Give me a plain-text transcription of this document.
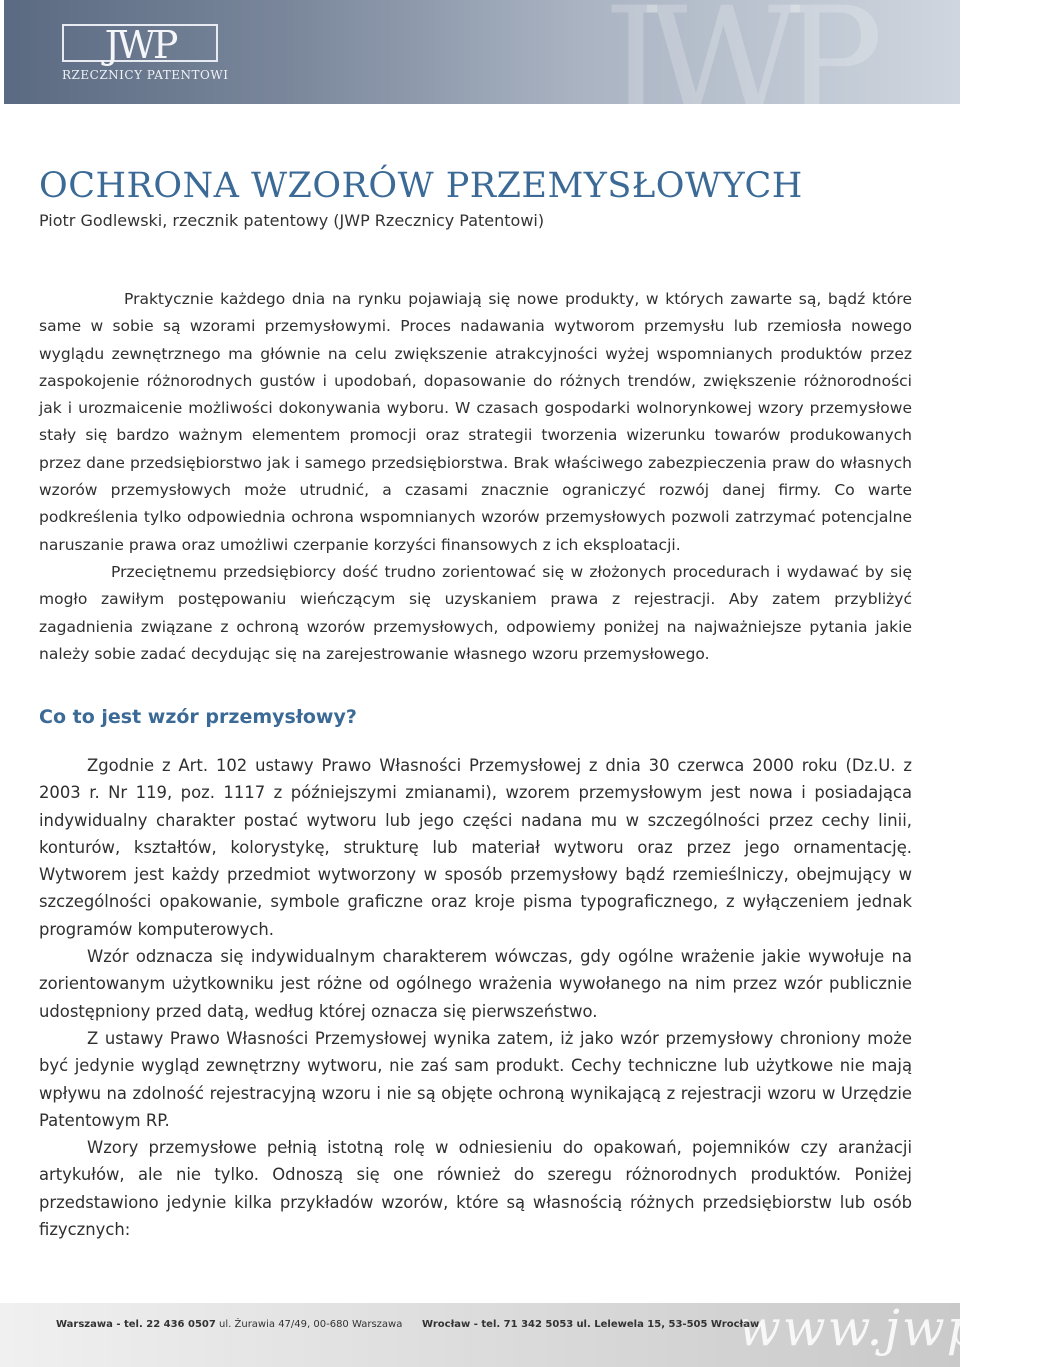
JWP
JWP
RZECZNICY PATENTOWI
OCHRONA WZORÓW PRZEMYSŁOWYCH
Piotr Godlewski, rzecznik patentowy (JWP Rzecznicy Patentowi)

Praktycznie każdego dnia na rynku pojawiają się nowe produkty, w których zawarte są, bądź które same w sobie są wzorami przemysłowymi. Proces nadawania wytworom przemysłu lub rzemiosła nowego wyglądu zewnętrznego ma głównie na celu zwiększenie atrakcyjności wyżej wspomnianych produktów przez zaspokojenie różnorodnych gustów i upodobań, dopasowanie do różnych trendów, zwiększenie różnorodności jak i urozmaicenie możliwości dokonywania wyboru. W czasach gospodarki wolnorynkowej wzory przemysłowe stały się bardzo ważnym elementem promocji oraz strategii tworzenia wizerunku towarów produkowanych przez dane przedsiębiorstwo jak i samego przedsiębiorstwa. Brak właściwego zabezpieczenia praw do własnych wzorów przemysłowych może utrudnić, a czasami znacznie ograniczyć rozwój danej firmy. Co warte podkreślenia tylko odpowiednia ochrona wspomnianych wzorów przemysłowych pozwoli zatrzymać potencjalne naruszanie prawa oraz umożliwi czerpanie korzyści finansowych z ich eksploatacji.

Przeciętnemu przedsiębiorcy dość trudno zorientować się w złożonych procedurach i wydawać by się mogło zawiłym postępowaniu wieńczącym się uzyskaniem prawa z rejestracji. Aby zatem przybliżyć zagadnienia związane z ochroną wzorów przemysłowych, odpowiemy poniżej na najważniejsze pytania jakie należy sobie zadać decydując się na zarejestrowanie własnego wzoru przemysłowego.

Co to jest wzór przemysłowy?

Zgodnie z Art. 102 ustawy Prawo Własności Przemysłowej z dnia 30 czerwca 2000 roku (Dz.U. z 2003 r. Nr 119, poz. 1117 z późniejszymi zmianami), wzorem przemysłowym jest nowa i posiadająca indywidualny charakter postać wytworu lub jego części nadana mu w szczególności przez cechy linii, konturów, kształtów, kolorystykę, strukturę lub materiał wytworu oraz przez jego ornamentację. Wytworem jest każdy przedmiot wytworzony w sposób przemysłowy bądź rzemieślniczy, obejmujący w szczególności opakowanie, symbole graficzne oraz kroje pisma typograficznego, z wyłączeniem jednak programów komputerowych.

Wzór odznacza się indywidualnym charakterem wówczas, gdy ogólne wrażenie jakie wywołuje na zorientowanym użytkowniku jest różne od ogólnego wrażenia wywołanego na nim przez wzór publicznie udostępniony przed datą, według której oznacza się pierwszeństwo.

Z ustawy Prawo Własności Przemysłowej wynika zatem, iż jako wzór przemysłowy chroniony może być jedynie wygląd zewnętrzny wytworu, nie zaś sam produkt. Cechy techniczne lub użytkowe nie mają wpływu na zdolność rejestracyjną wzoru i nie są objęte ochroną wynikającą z rejestracji wzoru w Urzędzie Patentowym RP.

Wzory przemysłowe pełnią istotną rolę w odniesieniu do opakowań, pojemników czy aranżacji artykułów, ale nie tylko. Odnoszą się one również do szeregu różnorodnych produktów. Poniżej przedstawiono jedynie kilka przykładów wzorów, które są własnością różnych przedsiębiorstw lub osób fizycznych:

www.jwp.pl
Warszawa - tel. 22 436 0507 ul. Żurawia 47/49, 00-680 Warszawa Wrocław - tel. 71 342 5053 ul. Lelewela 15, 53-505 Wrocław
